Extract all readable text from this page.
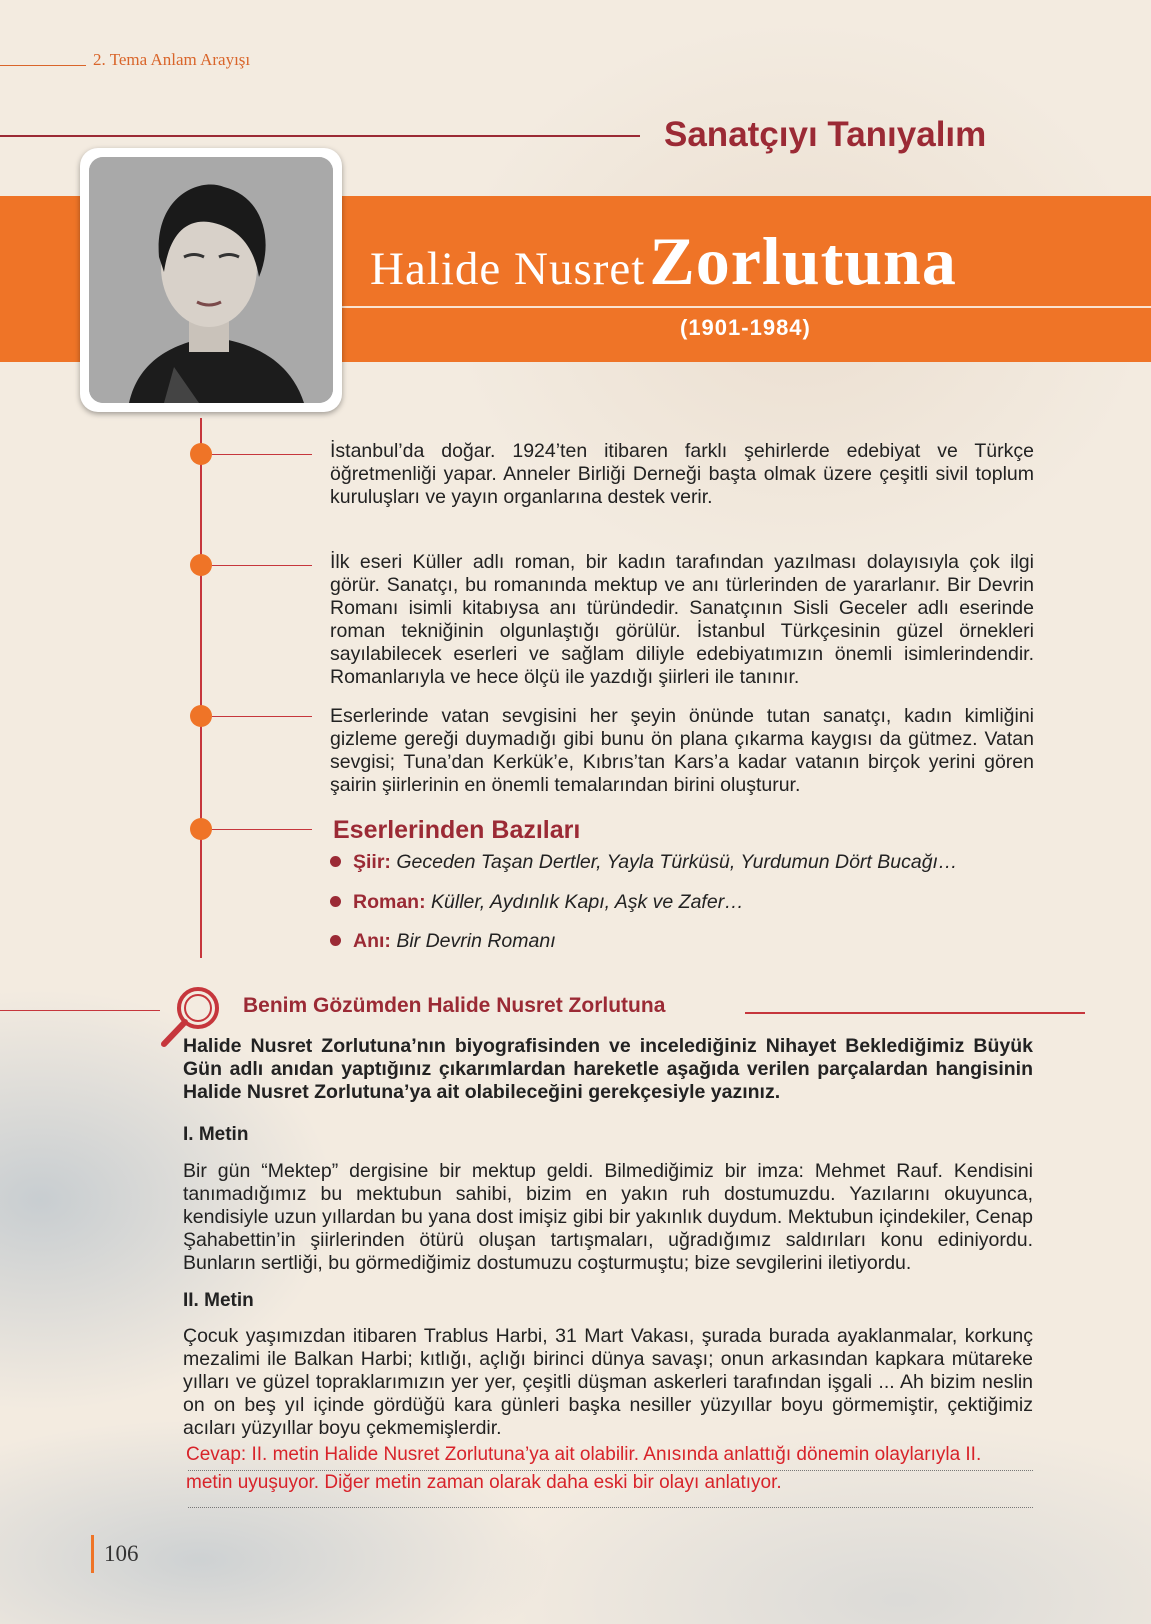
2. Tema Anlam Arayışı
Sanatçıyı Tanıyalım
Halide Nusret Zorlutuna
(1901-1984)
İstanbul’da doğar. 1924’ten itibaren farklı şehirlerde edebiyat ve Türkçe öğretmenliği yapar. Anneler Birliği Derneği başta olmak üzere çeşitli sivil toplum kuruluşları ve yayın organlarına destek verir.
İlk eseri Küller adlı roman, bir kadın tarafından yazılması dolayısıyla çok ilgi görür. Sanatçı, bu romanında mektup ve anı türlerinden de yararlanır. Bir Devrin Romanı isimli kitabıysa anı türündedir. Sanatçının Sisli Geceler adlı eserinde roman tekniğinin olgunlaştığı görülür. İstanbul Türkçesinin güzel örnekleri sayılabilecek eserleri ve sağlam diliyle edebiyatımızın önemli isimlerindendir. Romanlarıyla ve hece ölçü ile yazdığı şiirleri ile tanınır.
Eserlerinde vatan sevgisini her şeyin önünde tutan sanatçı, kadın kimliğini gizleme gereği duymadığı gibi bunu ön plana çıkarma kaygısı da gütmez. Vatan sevgisi; Tuna’dan Kerkük’e, Kıbrıs’tan Kars’a kadar vatanın birçok yerini gören şairin şiirlerinin en önemli temalarından birini oluşturur.
Eserlerinden Bazıları
Şiir: Geceden Taşan Dertler, Yayla Türküsü, Yurdumun Dört Bucağı…
Roman: Küller, Aydınlık Kapı, Aşk ve Zafer…
Anı: Bir Devrin Romanı
Benim Gözümden Halide Nusret Zorlutuna
Halide Nusret Zorlutuna’nın biyografisinden ve incelediğiniz Nihayet Beklediğimiz Büyük Gün adlı anıdan yaptığınız çıkarımlardan hareketle aşağıda verilen parçalardan hangisinin Halide Nusret Zorlutuna’ya ait olabileceğini gerekçesiyle yazınız.
I. Metin
Bir gün “Mektep” dergisine bir mektup geldi. Bilmediğimiz bir imza: Mehmet Rauf. Kendisini tanımadığımız bu mektubun sahibi, bizim en yakın ruh dostumuzdu. Yazılarını okuyunca, kendisiyle uzun yıllardan bu yana dost imişiz gibi bir yakınlık duydum. Mektubun içindekiler, Cenap Şahabettin’in şiirlerinden ötürü oluşan tartışmaları, uğradığımız saldırıları konu ediniyordu. Bunların sertliği, bu görmediğimiz dostumuzu coşturmuştu; bize sevgilerini iletiyordu.
II. Metin
Çocuk yaşımızdan itibaren Trablus Harbi, 31 Mart Vakası, şurada burada ayaklanmalar, korkunç mezalimi ile Balkan Harbi; kıtlığı, açlığı birinci dünya savaşı; onun arkasından kapkara mütareke yılları ve güzel topraklarımızın yer yer, çeşitli düşman askerleri tarafından işgali ... Ah bizim neslin on on beş yıl içinde gördüğü kara günleri başka nesiller yüzyıllar boyu görmemiştir, çektiğimiz acıları yüzyıllar boyu çekmemişlerdir.
Cevap: II. metin Halide Nusret Zorlutuna’ya ait olabilir. Anısında anlattığı dönemin olaylarıyla II.
metin uyuşuyor. Diğer metin zaman olarak daha eski bir olayı anlatıyor.
106
